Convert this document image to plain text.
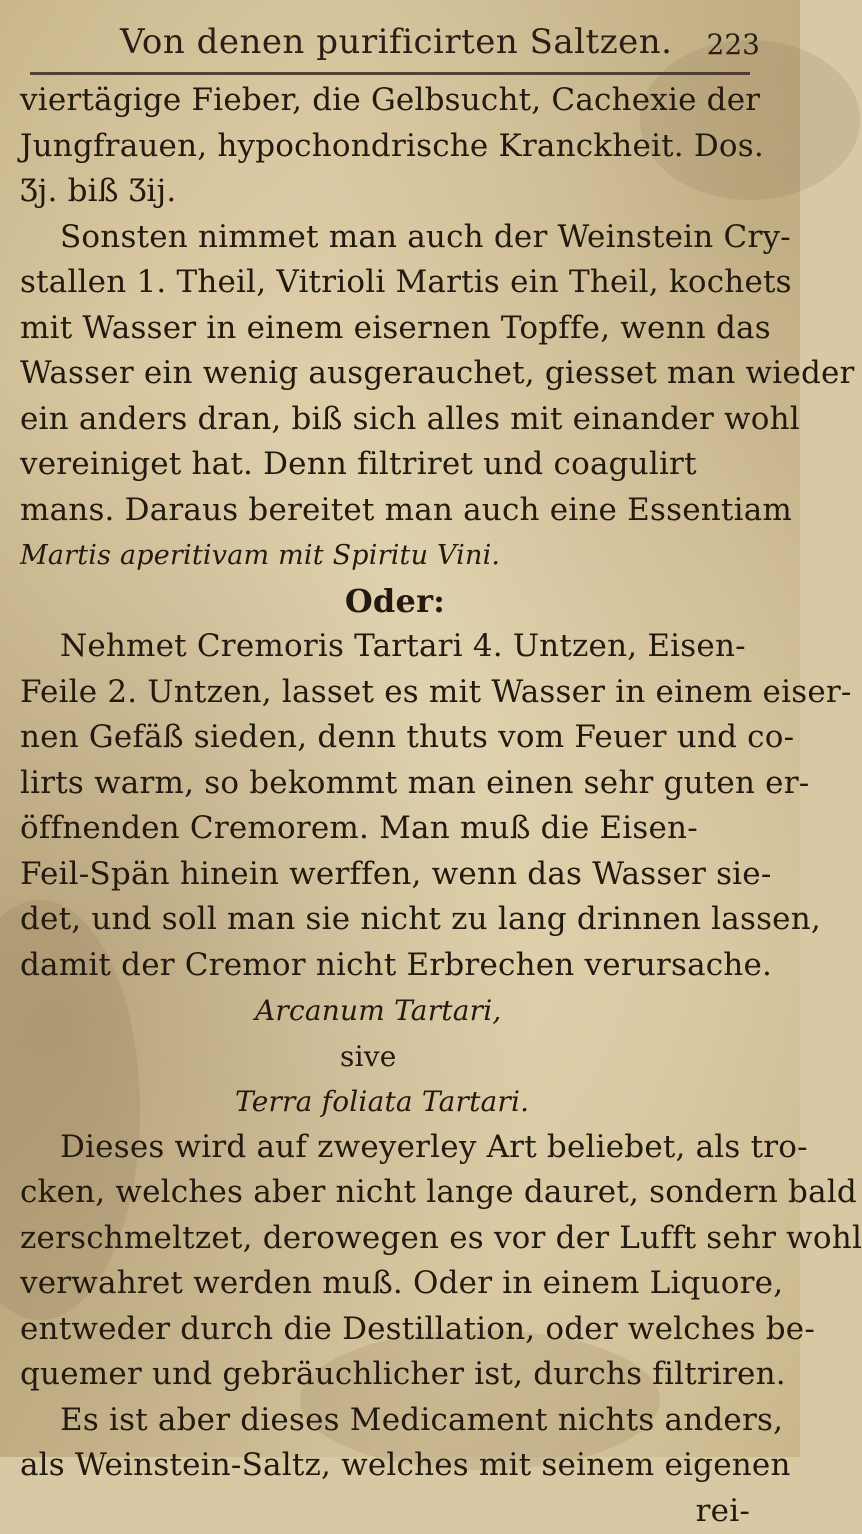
Von denen purificirten Saltzen. 223
viertägige Fieber, die Gelbsucht, Cachexie der
Jungfrauen, hypochondrische Kranckheit. Dos.
Ʒj. biß Ʒij.
Sonsten nimmet man auch der Weinstein Cry-
stallen 1. Theil, Vitrioli Martis ein Theil, kochets
mit Wasser in einem eisernen Topffe, wenn das
Wasser ein wenig ausgerauchet, giesset man wieder
ein anders dran, biß sich alles mit einander wohl
vereiniget hat. Denn filtriret und coagulirt
mans. Daraus bereitet man auch eine Essentiam
Martis aperitivam mit Spiritu Vini.
Oder:
Nehmet Cremoris Tartari 4. Untzen, Eisen-
Feile 2. Untzen, lasset es mit Wasser in einem eiser-
nen Gefäß sieden, denn thuts vom Feuer und co-
lirts warm, so bekommt man einen sehr guten er-
öffnenden Cremorem. Man muß die Eisen-
Feil-Spän hinein werffen, wenn das Wasser sie-
det, und soll man sie nicht zu lang drinnen lassen,
damit der Cremor nicht Erbrechen verursache.
Arcanum Tartari,
sive
Terra foliata Tartari.
Dieses wird auf zweyerley Art beliebet, als tro-
cken, welches aber nicht lange dauret, sondern bald
zerschmeltzet, derowegen es vor der Lufft sehr wohl
verwahret werden muß. Oder in einem Liquore,
entweder durch die Destillation, oder welches be-
quemer und gebräuchlicher ist, durchs filtriren.
Es ist aber dieses Medicament nichts anders,
als Weinstein-Saltz, welches mit seinem eigenen
rei-
